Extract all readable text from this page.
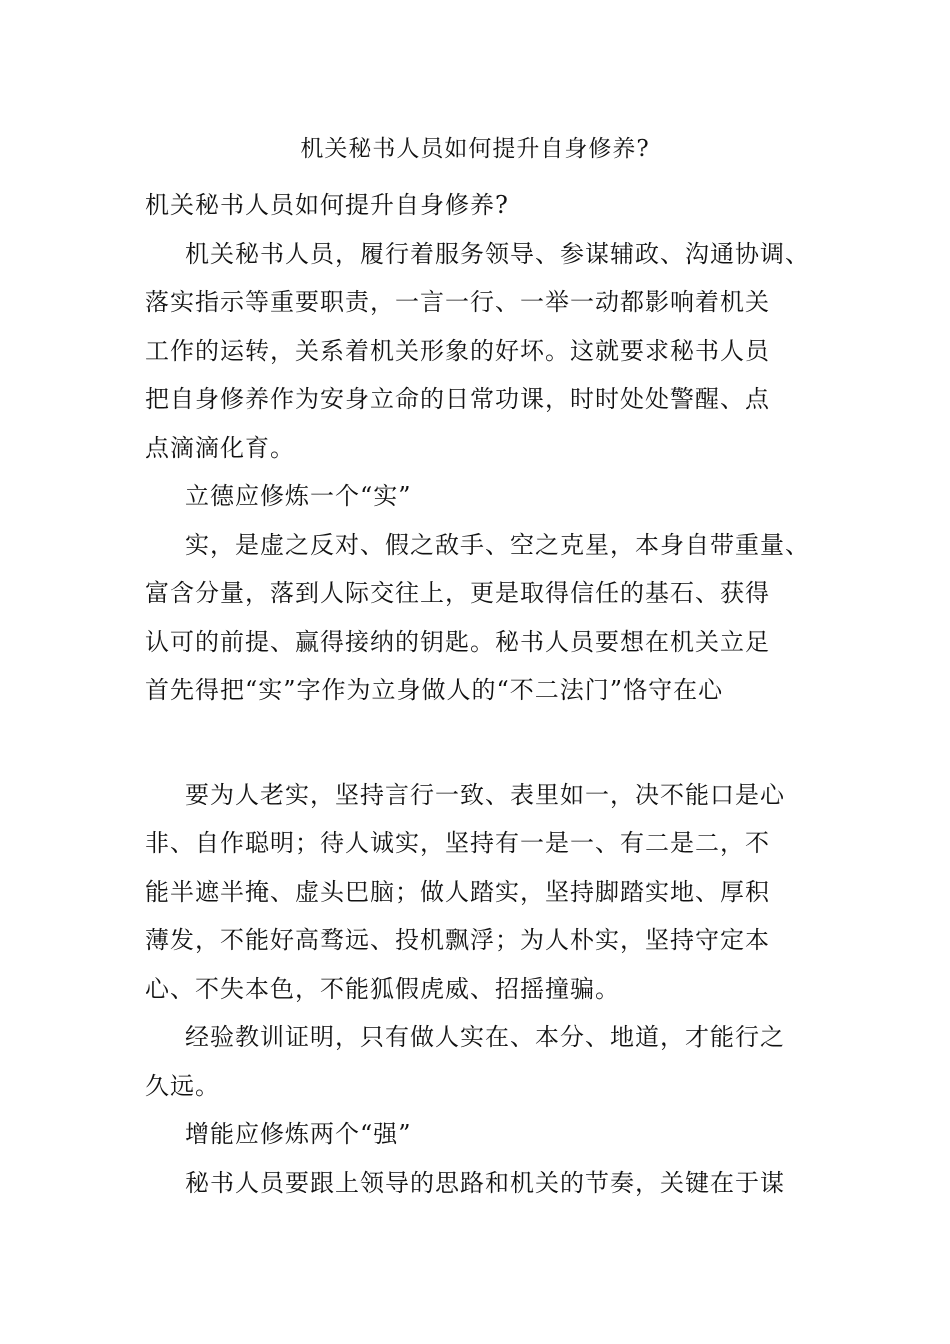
机关秘书人员如何提升自身修养?

机关秘书人员如何提升自身修养?

机关秘书人员，履行着服务领导、参谋辅政、沟通协调、
落实指示等重要职责，一言一行、一举一动都影响着机关
工作的运转，关系着机关形象的好坏。这就要求秘书人员
把自身修养作为安身立命的日常功课，时时处处警醒、点
点滴滴化育。

立德应修炼一个“实”

实，是虚之反对、假之敌手、空之克星，本身自带重量、
富含分量，落到人际交往上，更是取得信任的基石、获得
认可的前提、赢得接纳的钥匙。秘书人员要想在机关立足
首先得把“实”字作为立身做人的“不二法门”恪守在心

要为人老实，坚持言行一致、表里如一，决不能口是心
非、自作聪明；待人诚实，坚持有一是一、有二是二，不
能半遮半掩、虚头巴脑；做人踏实，坚持脚踏实地、厚积
薄发，不能好高骛远、投机飘浮；为人朴实，坚持守定本
心、不失本色，不能狐假虎威、招摇撞骗。

经验教训证明，只有做人实在、本分、地道，才能行之
久远。

增能应修炼两个“强”

秘书人员要跟上领导的思路和机关的节奏，关键在于谋
